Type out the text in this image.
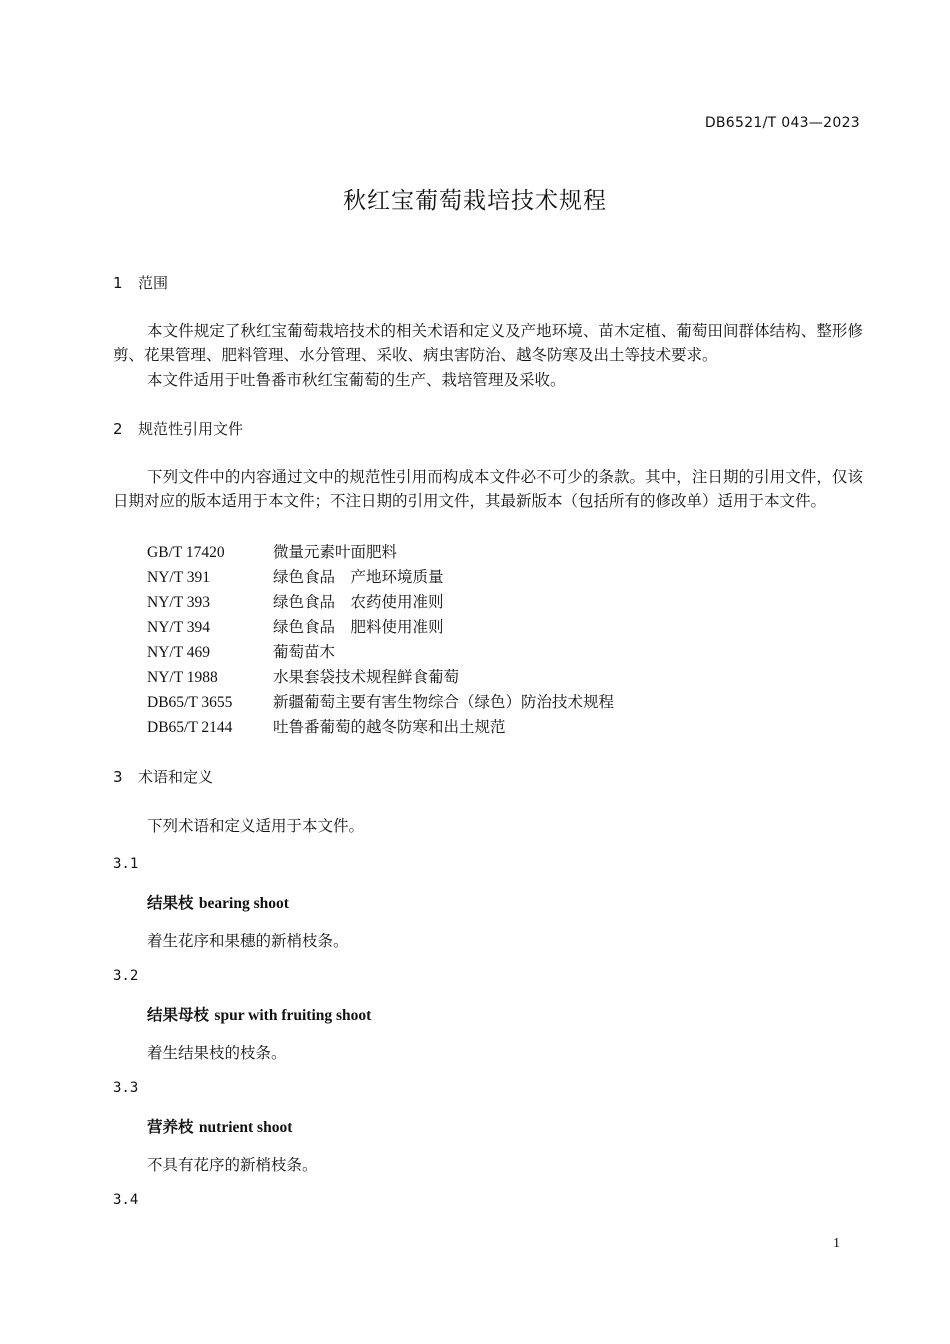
DB6521/T 043—2023
秋红宝葡萄栽培技术规程
1 范围
本文件规定了秋红宝葡萄栽培技术的相关术语和定义及产地环境、苗木定植、葡萄田间群体结构、整形修剪、花果管理、肥料管理、水分管理、采收、病虫害防治、越冬防寒及出土等技术要求。
本文件适用于吐鲁番市秋红宝葡萄的生产、栽培管理及采收。
2 规范性引用文件
下列文件中的内容通过文中的规范性引用而构成本文件必不可少的条款。其中，注日期的引用文件，仅该日期对应的版本适用于本文件；不注日期的引用文件，其最新版本（包括所有的修改单）适用于本文件。
GB/T 17420	微量元素叶面肥料
NY/T 391	绿色食品　产地环境质量
NY/T 393	绿色食品　农药使用准则
NY/T 394	绿色食品　肥料使用准则
NY/T 469	葡萄苗木
NY/T 1988	水果套袋技术规程鲜食葡萄
DB65/T 3655	新疆葡萄主要有害生物综合（绿色）防治技术规程
DB65/T 2144	吐鲁番葡萄的越冬防寒和出土规范
3 术语和定义
下列术语和定义适用于本文件。
3.1
结果枝 bearing shoot
着生花序和果穗的新梢枝条。
3.2
结果母枝 spur with fruiting shoot
着生结果枝的枝条。
3.3
营养枝 nutrient shoot
不具有花序的新梢枝条。
3.4
1
